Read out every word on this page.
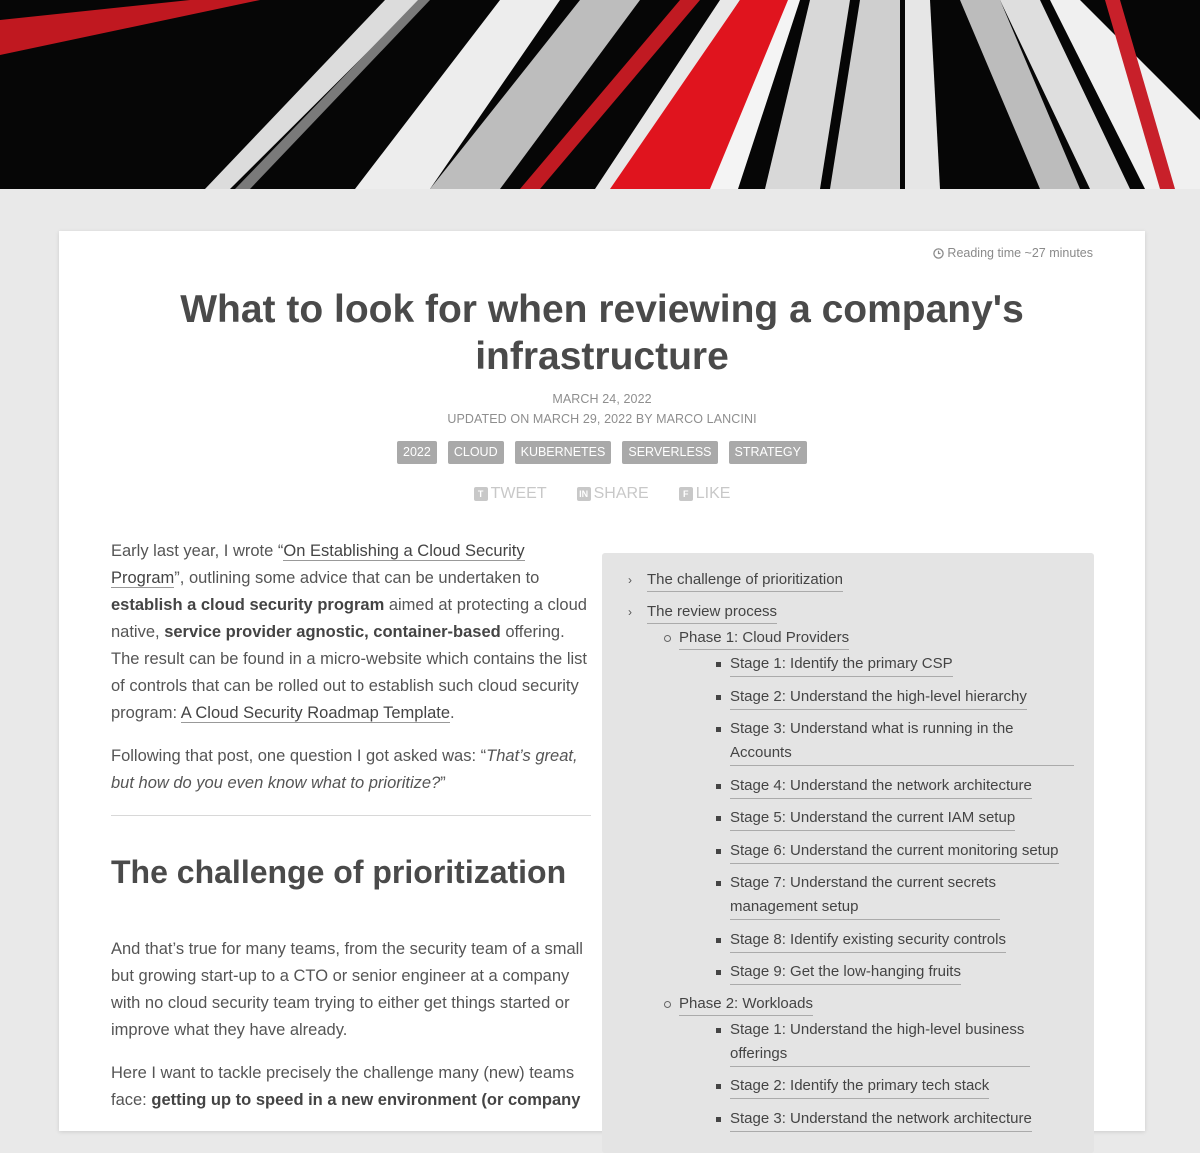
Reading time ~27 minutes
What to look for when reviewing a company's infrastructure
MARCH 24, 2022
UPDATED ON MARCH 29, 2022 BY MARCO LANCINI
2022	CLOUD	KUBERNETES	SERVERLESS	STRATEGY
T TWEET	IN SHARE	F LIKE

Early last year, I wrote “On Establishing a Cloud Security Program”, outlining some advice that can be undertaken to establish a cloud security program aimed at protecting a cloud native, service provider agnostic, container-based offering. The result can be found in a micro-website which contains the list of controls that can be rolled out to establish such cloud security program: A Cloud Security Roadmap Template.

Following that post, one question I got asked was: “That’s great, but how do you even know what to prioritize?”

The challenge of prioritization

And that’s true for many teams, from the security team of a small but growing start-up to a CTO or senior engineer at a company with no cloud security team trying to either get things started or improve what they have already.

Here I want to tackle precisely the challenge many (new) teams face: getting up to speed in a new environment (or company

›	The challenge of prioritization
›	The review process
Phase 1: Cloud Providers
Stage 1: Identify the primary CSP
Stage 2: Understand the high-level hierarchy
Stage 3: Understand what is running in the Accounts
Stage 4: Understand the network architecture
Stage 5: Understand the current IAM setup
Stage 6: Understand the current monitoring setup
Stage 7: Understand the current secrets management setup
Stage 8: Identify existing security controls
Stage 9: Get the low-hanging fruits
Phase 2: Workloads
Stage 1: Understand the high-level business offerings
Stage 2: Identify the primary tech stack
Stage 3: Understand the network architecture
